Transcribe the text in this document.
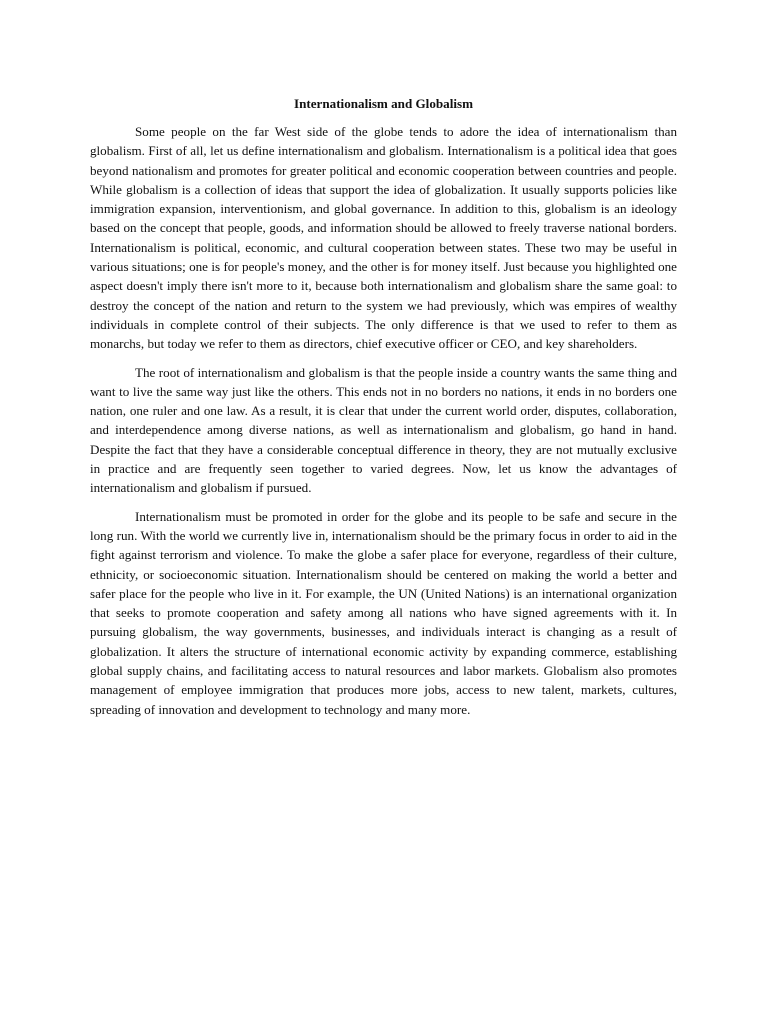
Internationalism and Globalism

Some people on the far West side of the globe tends to adore the idea of internationalism than globalism. First of all, let us define internationalism and globalism. Internationalism is a political idea that goes beyond nationalism and promotes for greater political and economic cooperation between countries and people. While globalism is a collection of ideas that support the idea of globalization. It usually supports policies like immigration expansion, interventionism, and global governance. In addition to this, globalism is an ideology based on the concept that people, goods, and information should be allowed to freely traverse national borders. Internationalism is political, economic, and cultural cooperation between states. These two may be useful in various situations; one is for people's money, and the other is for money itself. Just because you highlighted one aspect doesn't imply there isn't more to it, because both internationalism and globalism share the same goal: to destroy the concept of the nation and return to the system we had previously, which was empires of wealthy individuals in complete control of their subjects. The only difference is that we used to refer to them as monarchs, but today we refer to them as directors, chief executive officer or CEO, and key shareholders.

The root of internationalism and globalism is that the people inside a country wants the same thing and want to live the same way just like the others. This ends not in no borders no nations, it ends in no borders one nation, one ruler and one law. As a result, it is clear that under the current world order, disputes, collaboration, and interdependence among diverse nations, as well as internationalism and globalism, go hand in hand. Despite the fact that they have a considerable conceptual difference in theory, they are not mutually exclusive in practice and are frequently seen together to varied degrees. Now, let us know the advantages of internationalism and globalism if pursued.

Internationalism must be promoted in order for the globe and its people to be safe and secure in the long run. With the world we currently live in, internationalism should be the primary focus in order to aid in the fight against terrorism and violence. To make the globe a safer place for everyone, regardless of their culture, ethnicity, or socioeconomic situation. Internationalism should be centered on making the world a better and safer place for the people who live in it. For example, the UN (United Nations) is an international organization that seeks to promote cooperation and safety among all nations who have signed agreements with it. In pursuing globalism, the way governments, businesses, and individuals interact is changing as a result of globalization. It alters the structure of international economic activity by expanding commerce, establishing global supply chains, and facilitating access to natural resources and labor markets. Globalism also promotes management of employee immigration that produces more jobs, access to new talent, markets, cultures, spreading of innovation and development to technology and many more.
